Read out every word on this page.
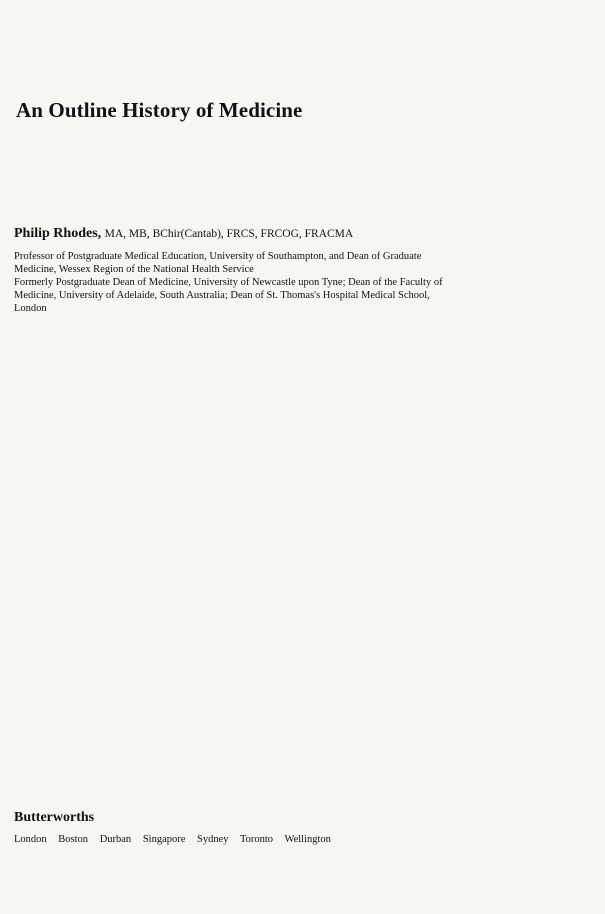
An Outline History of Medicine
Philip Rhodes, MA, MB, BChir(Cantab), FRCS, FRCOG, FRACMA
Professor of Postgraduate Medical Education, University of Southampton, and Dean of Graduate
Medicine, Wessex Region of the National Health Service
Formerly Postgraduate Dean of Medicine, University of Newcastle upon Tyne; Dean of the Faculty of
Medicine, University of Adelaide, South Australia; Dean of St. Thomas's Hospital Medical School,
London
Butterworths
London Boston Durban Singapore Sydney Toronto Wellington
